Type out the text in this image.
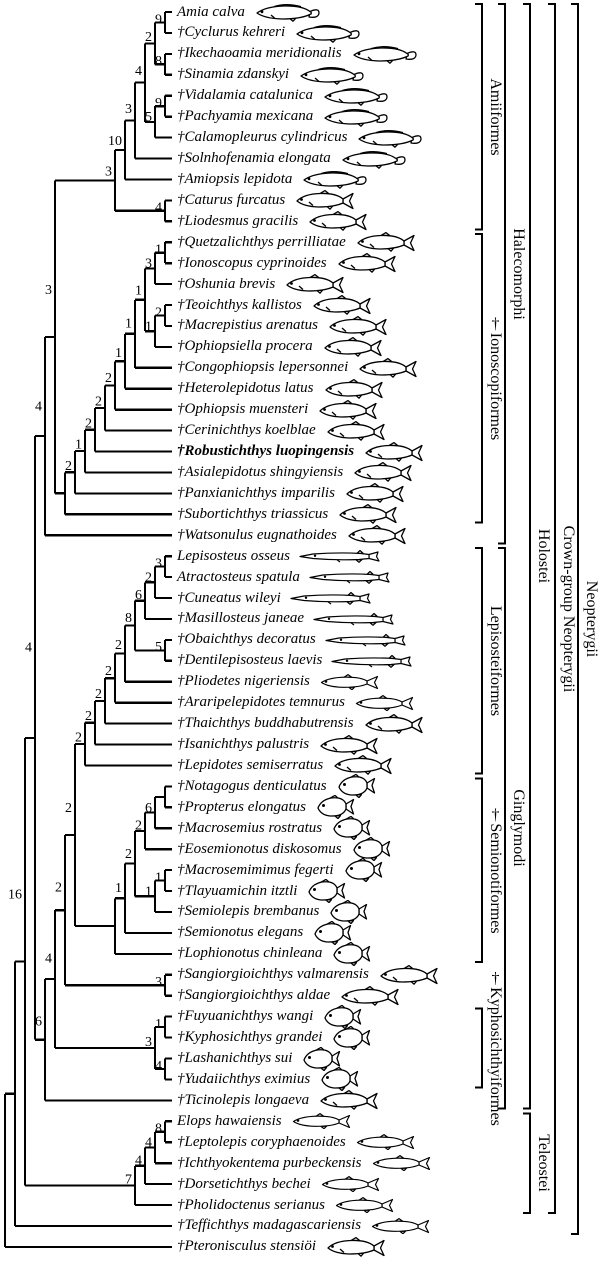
16
4
4
3
3
10
3
4
2
9
8
5
9
4
2
1
2
2
2
1
1
1
3
1
1
2
6
4
2
2
2
2
2
2
2
8
6
2
3
5
1
2
2
6
1
1
3
3
1
4
7
4
4
8
Amia calva
†Cyclurus kehreri
†Ikechaoamia meridionalis
†Sinamia zdanskyi
†Vidalamia catalunica
†Pachyamia mexicana
†Calamopleurus cylindricus
†Solnhofenamia elongata
†Amiopsis lepidota
†Caturus furcatus
†Liodesmus gracilis
†Quetzalichthys perrilliatae
†Ionoscopus cyprinoides
†Oshunia brevis
†Teoichthys kallistos
†Macrepistius arenatus
†Ophiopsiella procera
†Congophiopsis lepersonnei
†Heterolepidotus latus
†Ophiopsis muensteri
†Cerinichthys koelblae
†Robustichthys luopingensis
†Asialepidotus shingyiensis
†Panxianichthys imparilis
†Subortichthys triassicus
†Watsonulus eugnathoides
Lepisosteus osseus
Atractosteus spatula
†Cuneatus wileyi
†Masillosteus janeae
†Obaichthys decoratus
†Dentilepisosteus laevis
†Pliodetes nigeriensis
†Araripelepidotes temnurus
†Thaichthys buddhabutrensis
†Isanichthys palustris
†Lepidotes semiserratus
†Notagogus denticulatus
†Propterus elongatus
†Macrosemius rostratus
†Eosemionotus diskosomus
†Macrosemimimus fegerti
†Tlayuamichin itztli
†Semiolepis brembanus
†Semionotus elegans
†Lophionotus chinleana
†Sangiorgioichthys valmarensis
†Sangiorgioichthys aldae
†Fuyuanichthys wangi
†Kyphosichthys grandei
†Lashanichthys sui
†Yudaiichthys eximius
†Ticinolepis longaeva
Elops hawaiensis
†Leptolepis coryphaenoides
†Ichthyokentema purbeckensis
†Dorsetichthys bechei
†Pholidoctenus serianus
†Teffichthys madagascariensis
†Pteronisculus stensiöi
Amiiformes
†Ionoscopiformes
Lepisosteiformes
†Semionotiformes
†Kyphosichthyiformes
Halecomorphi
Ginglymodi
Holostei
Teleostei
Crown-group Neopterygii Neopterygii
